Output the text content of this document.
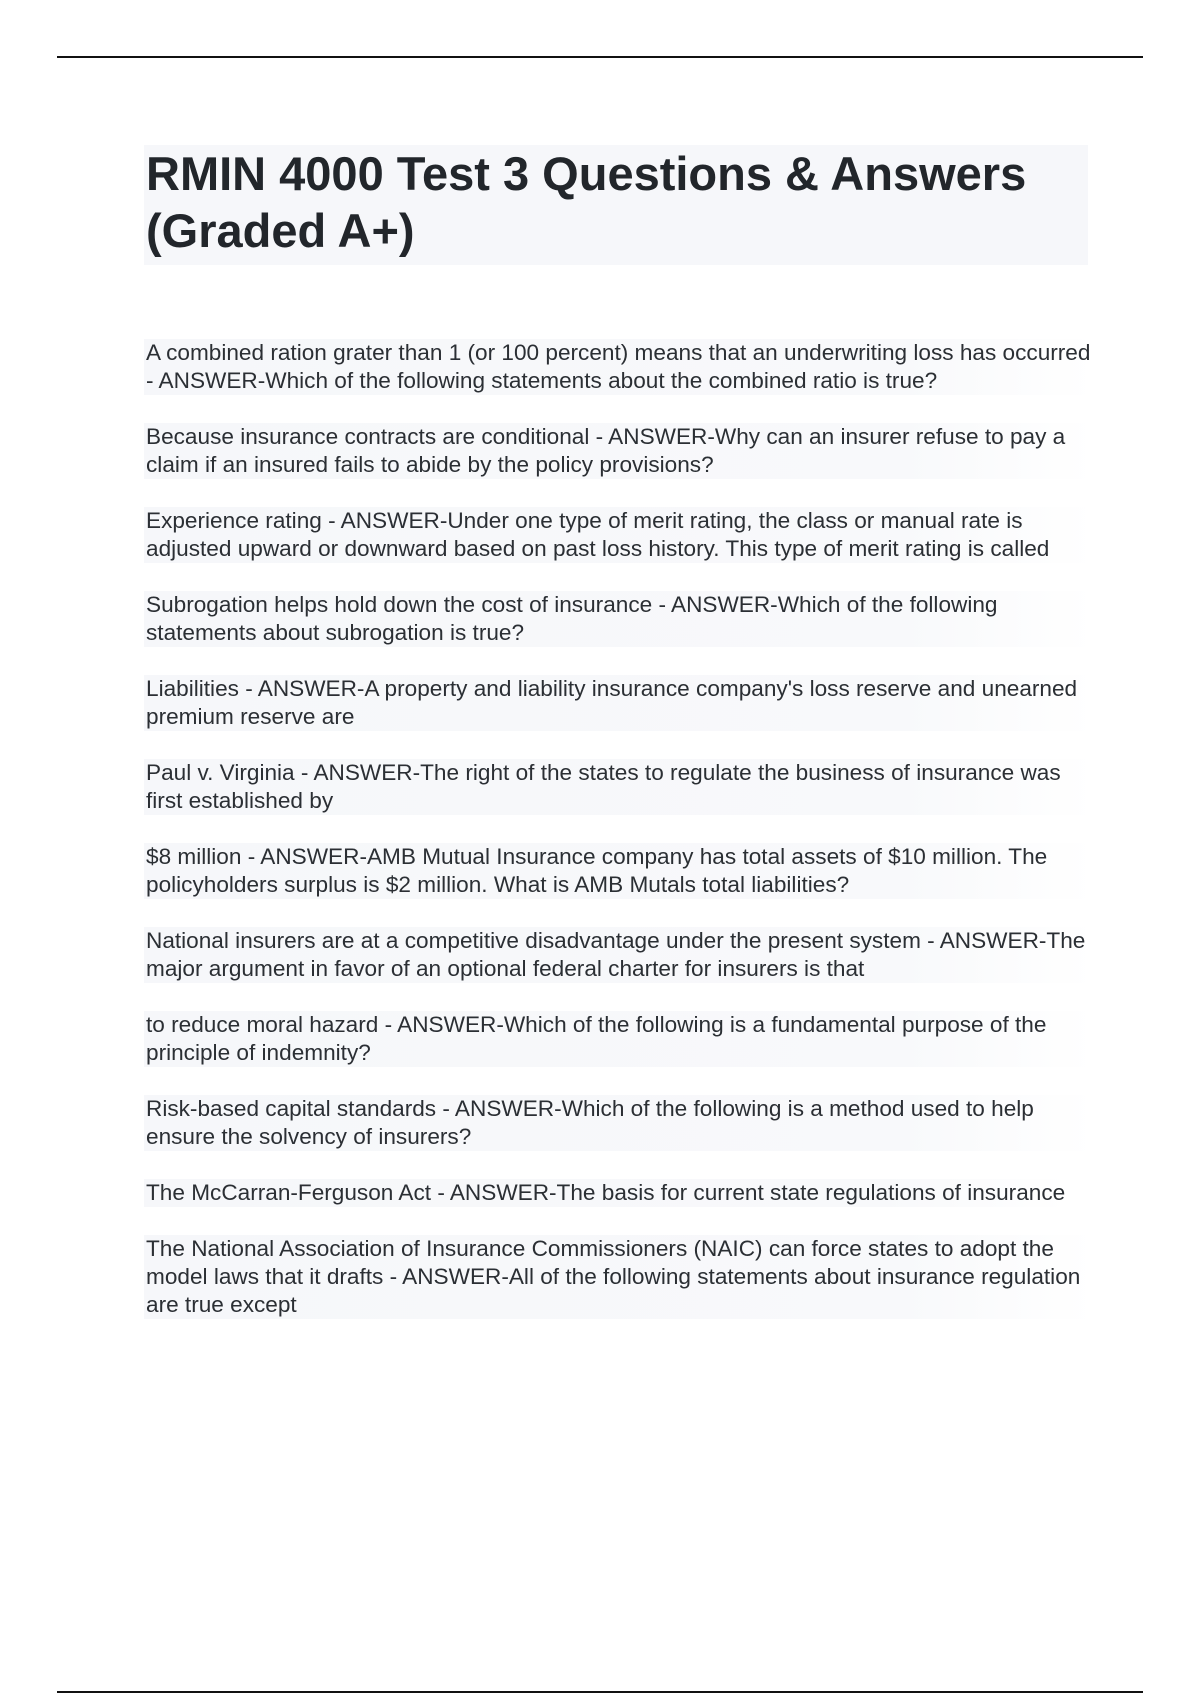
RMIN 4000 Test 3 Questions & Answers (Graded A+)
A combined ration grater than 1 (or 100 percent) means that an underwriting loss has occurred - ANSWER-Which of the following statements about the combined ratio is true?
Because insurance contracts are conditional - ANSWER-Why can an insurer refuse to pay a claim if an insured fails to abide by the policy provisions?
Experience rating - ANSWER-Under one type of merit rating, the class or manual rate is adjusted upward or downward based on past loss history. This type of merit rating is called
Subrogation helps hold down the cost of insurance - ANSWER-Which of the following statements about subrogation is true?
Liabilities - ANSWER-A property and liability insurance company's loss reserve and unearned premium reserve are
Paul v. Virginia - ANSWER-The right of the states to regulate the business of insurance was first established by
$8 million - ANSWER-AMB Mutual Insurance company has total assets of $10 million. The policyholders surplus is $2 million. What is AMB Mutals total liabilities?
National insurers are at a competitive disadvantage under the present system - ANSWER-The major argument in favor of an optional federal charter for insurers is that
to reduce moral hazard - ANSWER-Which of the following is a fundamental purpose of the principle of indemnity?
Risk-based capital standards - ANSWER-Which of the following is a method used to help ensure the solvency of insurers?
The McCarran-Ferguson Act - ANSWER-The basis for current state regulations of insurance
The National Association of Insurance Commissioners (NAIC) can force states to adopt the model laws that it drafts - ANSWER-All of the following statements about insurance regulation are true except
